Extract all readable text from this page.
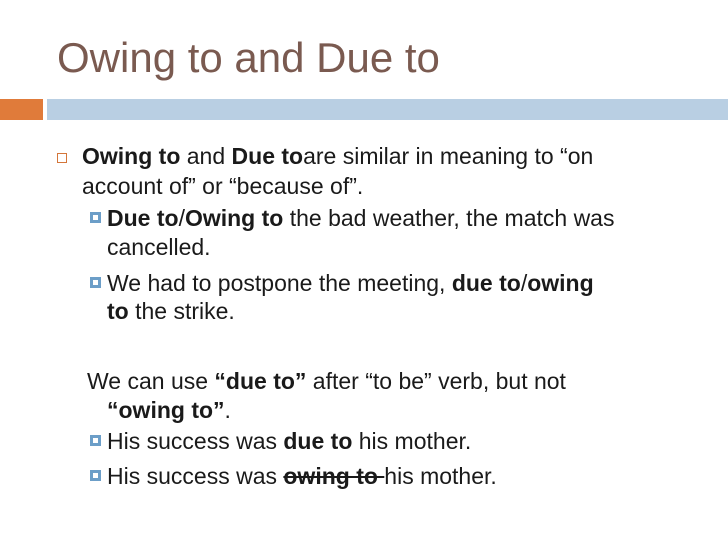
Owing to and Due to
Owing to and Due toare similar in meaning to “on
account of” or “because of”.
Due to/Owing to the bad weather, the match was
cancelled.
We had to postpone the meeting, due to/owing
to the strike.
We can use “due to” after “to be” verb, but not
“owing to”.
His success was due to his mother.
His success was owing to his mother.
